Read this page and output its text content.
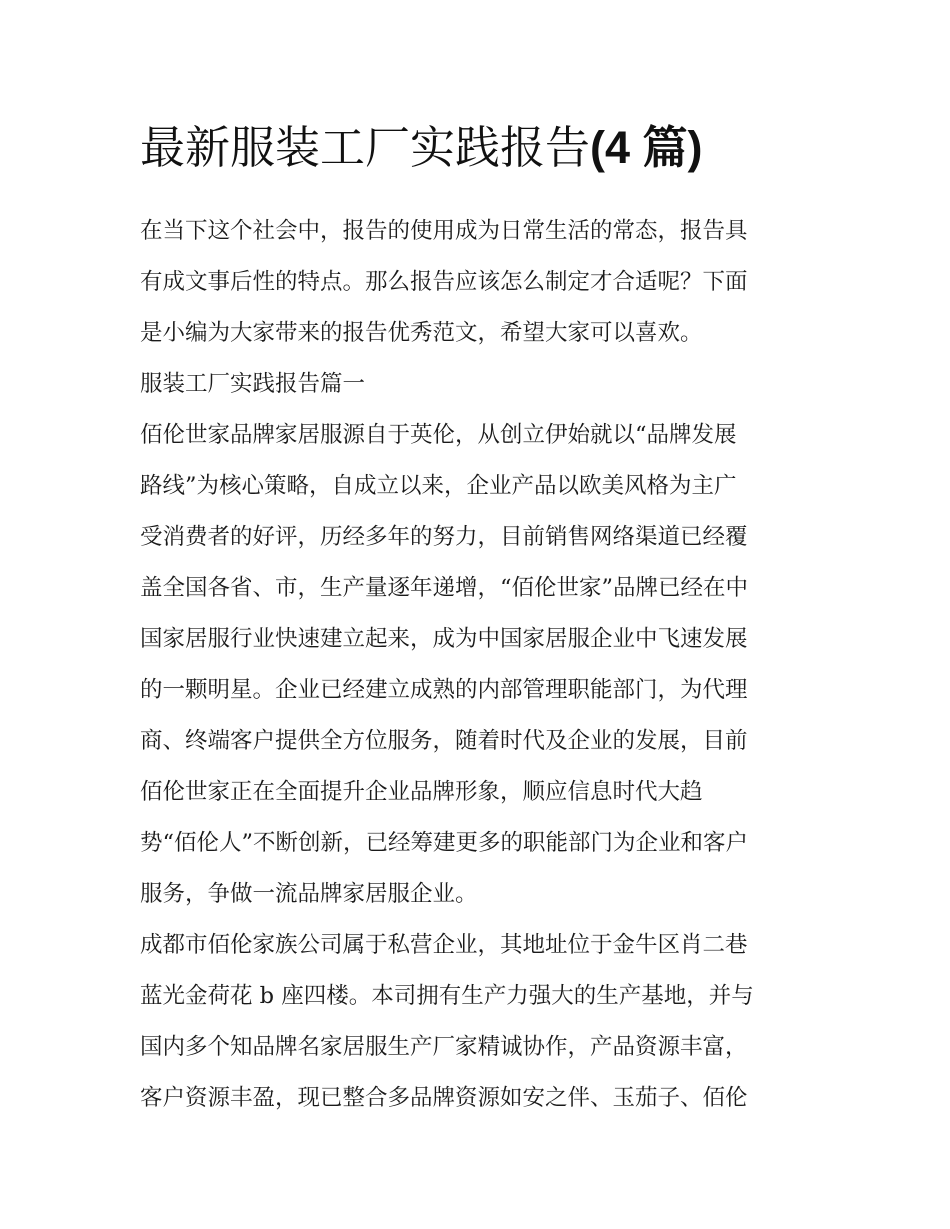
最新服装工厂实践报告(4 篇)

在当下这个社会中，报告的使用成为日常生活的常态，报告具
有成文事后性的特点。那么报告应该怎么制定才合适呢？下面
是小编为大家带来的报告优秀范文，希望大家可以喜欢。

服装工厂实践报告篇一

佰伦世家品牌家居服源自于英伦，从创立伊始就以“品牌发展
路线”为核心策略，自成立以来，企业产品以欧美风格为主广
受消费者的好评，历经多年的努力，目前销售网络渠道已经覆
盖全国各省、市，生产量逐年递增，“佰伦世家”品牌已经在中
国家居服行业快速建立起来，成为中国家居服企业中飞速发展
的一颗明星。企业已经建立成熟的内部管理职能部门，为代理
商、终端客户提供全方位服务，随着时代及企业的发展，目前
佰伦世家正在全面提升企业品牌形象，顺应信息时代大趋
势“佰伦人”不断创新，已经筹建更多的职能部门为企业和客户
服务，争做一流品牌家居服企业。

成都市佰伦家族公司属于私营企业，其地址位于金牛区肖二巷
蓝光金荷花 b 座四楼。本司拥有生产力强大的生产基地，并与
国内多个知品牌名家居服生产厂家精诚协作，产品资源丰富，
客户资源丰盈，现已整合多品牌资源如安之伴、玉茄子、佰伦
